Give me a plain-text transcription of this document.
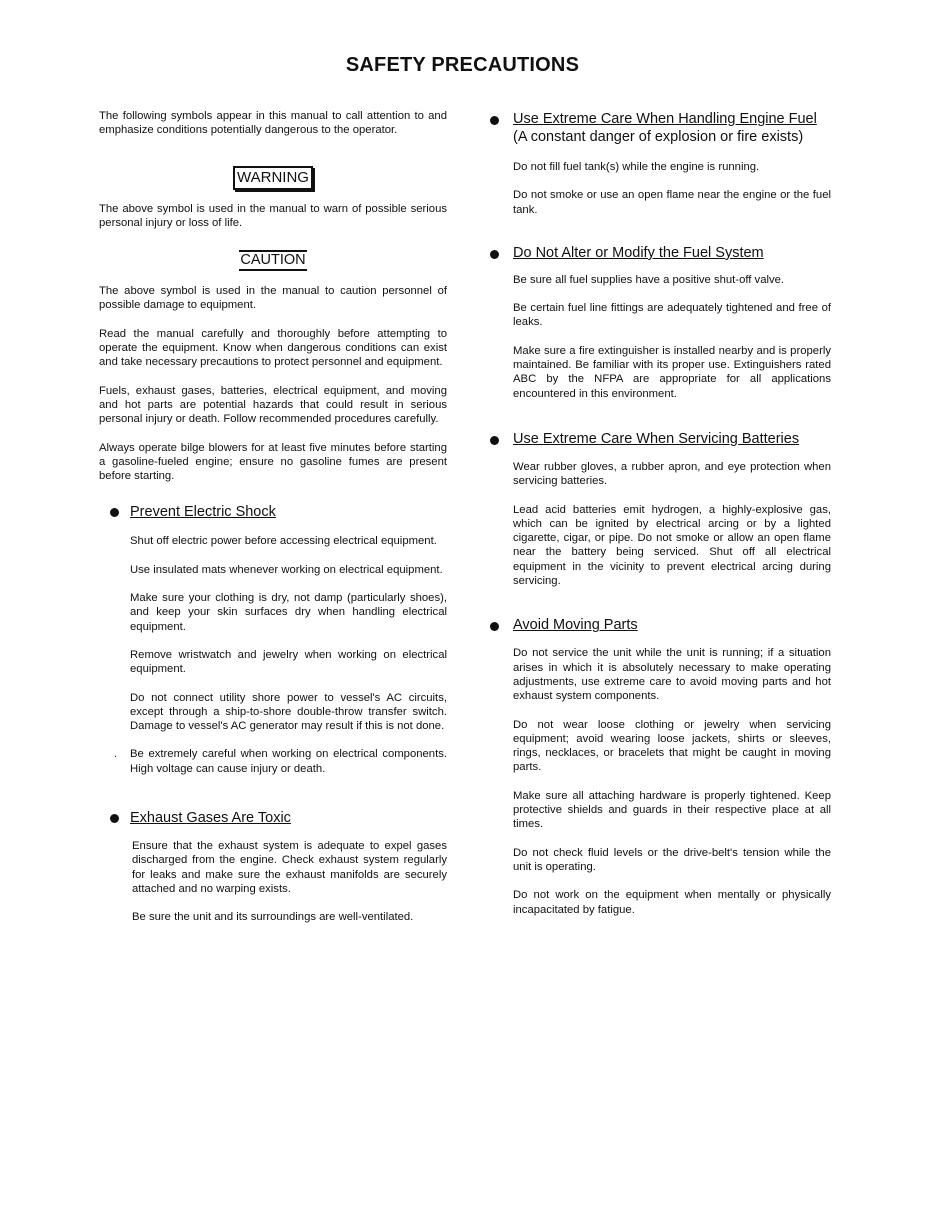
SAFETY PRECAUTIONS

The following symbols appear in this manual to call attention to and emphasize conditions potentially dangerous to the operator.

WARNING

The above symbol is used in the manual to warn of possible serious personal injury or loss of life.

CAUTION

The above symbol is used in the manual to caution personnel of possible damage to equipment.

Read the manual carefully and thoroughly before attempting to operate the equipment. Know when dangerous conditions can exist and take necessary precautions to protect personnel and equipment.

Fuels, exhaust gases, batteries, electrical equipment, and moving and hot parts are potential hazards that could result in serious personal injury or death. Follow recommended procedures carefully.

Always operate bilge blowers for at least five minutes before starting a gasoline-fueled engine; ensure no gasoline fumes are present before starting.

Prevent Electric Shock

Shut off electric power before accessing electrical equipment.

Use insulated mats whenever working on electrical equipment.

Make sure your clothing is dry, not damp (particularly shoes), and keep your skin surfaces dry when handling electrical equipment.

Remove wristwatch and jewelry when working on electrical equipment.

Do not connect utility shore power to vessel's AC circuits, except through a ship-to-shore double-throw transfer switch. Damage to vessel's AC generator may result if this is not done.

. Be extremely careful when working on electrical components. High voltage can cause injury or death.

Exhaust Gases Are Toxic

Ensure that the exhaust system is adequate to expel gases discharged from the engine. Check exhaust system regularly for leaks and make sure the exhaust manifolds are securely attached and no warping exists.

Be sure the unit and its surroundings are well-ventilated.

Use Extreme Care When Handling Engine Fuel
(A constant danger of explosion or fire exists)

Do not fill fuel tank(s) while the engine is running.

Do not smoke or use an open flame near the engine or the fuel tank.

Do Not Alter or Modify the Fuel System

Be sure all fuel supplies have a positive shut-off valve.

Be certain fuel line fittings are adequately tightened and free of leaks.

Make sure a fire extinguisher is installed nearby and is properly maintained. Be familiar with its proper use. Extinguishers rated ABC by the NFPA are appropriate for all applications encountered in this environment.

Use Extreme Care When Servicing Batteries

Wear rubber gloves, a rubber apron, and eye protection when servicing batteries.

Lead acid batteries emit hydrogen, a highly-explosive gas, which can be ignited by electrical arcing or by a lighted cigarette, cigar, or pipe. Do not smoke or allow an open flame near the battery being serviced. Shut off all electrical equipment in the vicinity to prevent electrical arcing during servicing.

Avoid Moving Parts

Do not service the unit while the unit is running; if a situation arises in which it is absolutely necessary to make operating adjustments, use extreme care to avoid moving parts and hot exhaust system components.

Do not wear loose clothing or jewelry when servicing equipment; avoid wearing loose jackets, shirts or sleeves, rings, necklaces, or bracelets that might be caught in moving parts.

Make sure all attaching hardware is properly tightened. Keep protective shields and guards in their respective place at all times.

Do not check fluid levels or the drive-belt's tension while the unit is operating.

Do not work on the equipment when mentally or physically incapacitated by fatigue.
